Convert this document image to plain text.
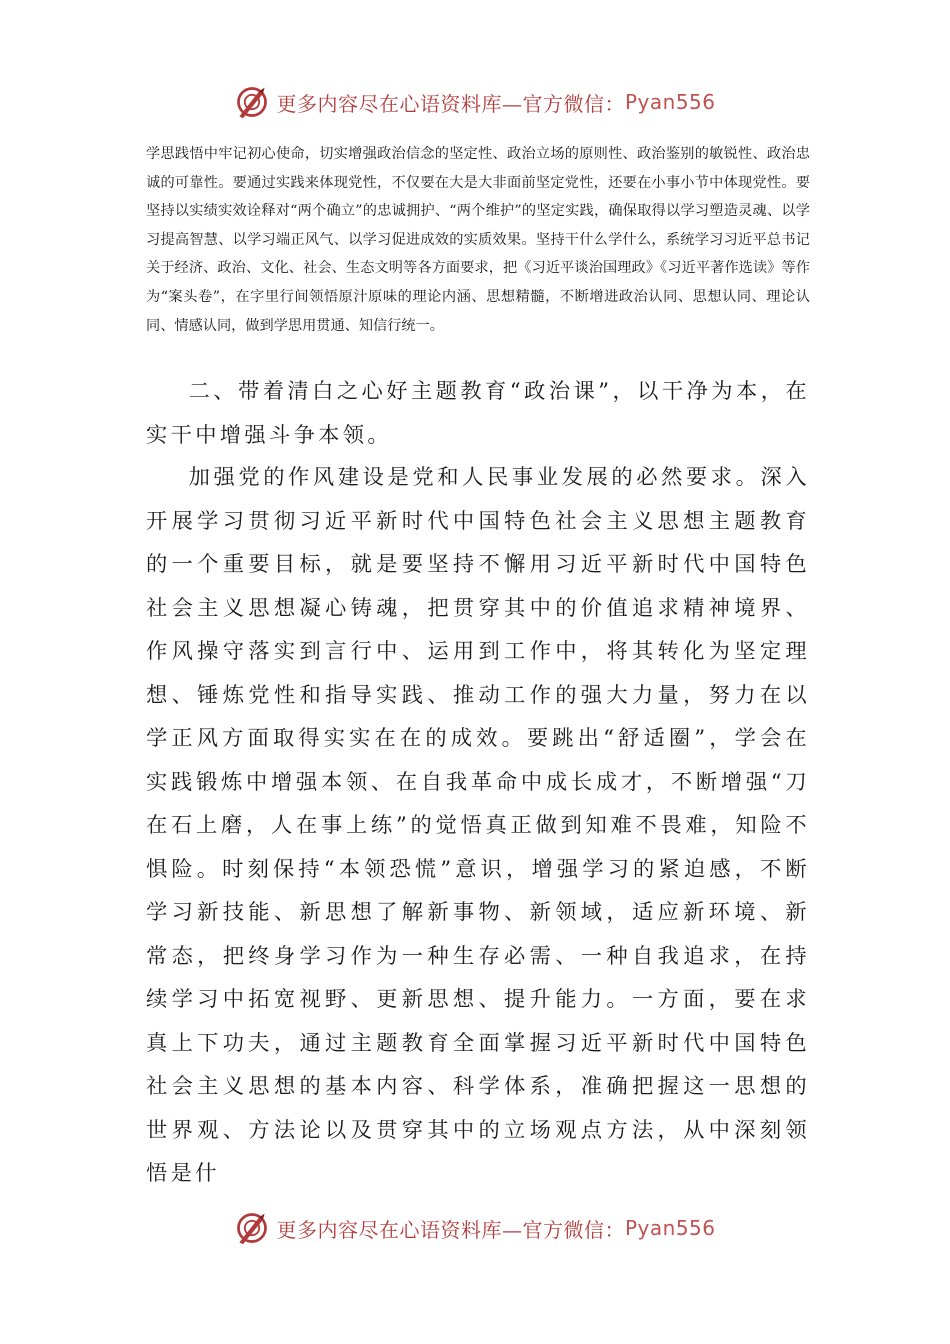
更多内容尽在心语资料库—官方微信： Pyan556

学思践悟中牢记初心使命，切实增强政治信念的坚定性、政治立场的原则性、政治鉴别的敏锐性、政治忠诚的可靠性。要通过实践来体现党性，不仅要在大是大非面前坚定党性，还要在小事小节中体现党性。要坚持以实绩实效诠释对“两个确立”的忠诚拥护、“两个维护”的坚定实践，确保取得以学习塑造灵魂、以学习提高智慧、以学习端正风气、以学习促进成效的实质效果。坚持干什么学什么，系统学习习近平总书记关于经济、政治、文化、社会、生态文明等各方面要求，把《习近平谈治国理政》《习近平著作选读》等作为“案头卷”，在字里行间领悟原汁原味的理论内涵、思想精髓，不断增进政治认同、思想认同、理论认同、情感认同，做到学思用贯通、知信行统一。

二、带着清白之心好主题教育“政治课”，以干净为本，在实干中增强斗争本领。

加强党的作风建设是党和人民事业发展的必然要求。深入开展学习贯彻习近平新时代中国特色社会主义思想主题教育的一个重要目标，就是要坚持不懈用习近平新时代中国特色社会主义思想凝心铸魂，把贯穿其中的价值追求精神境界、作风操守落实到言行中、运用到工作中，将其转化为坚定理想、锤炼党性和指导实践、推动工作的强大力量，努力在以学正风方面取得实实在在的成效。要跳出“舒适圈”，学会在实践锻炼中增强本领、在自我革命中成长成才，不断增强“刀在石上磨，人在事上练”的觉悟真正做到知难不畏难，知险不惧险。时刻保持“本领恐慌”意识，增强学习的紧迫感，不断学习新技能、新思想了解新事物、新领域，适应新环境、新常态，把终身学习作为一种生存必需、一种自我追求，在持续学习中拓宽视野、更新思想、提升能力。一方面，要在求真上下功夫，通过主题教育全面掌握习近平新时代中国特色社会主义思想的基本内容、科学体系，准确把握这一思想的世界观、方法论以及贯穿其中的立场观点方法，从中深刻领悟是什

更多内容尽在心语资料库—官方微信： Pyan556
